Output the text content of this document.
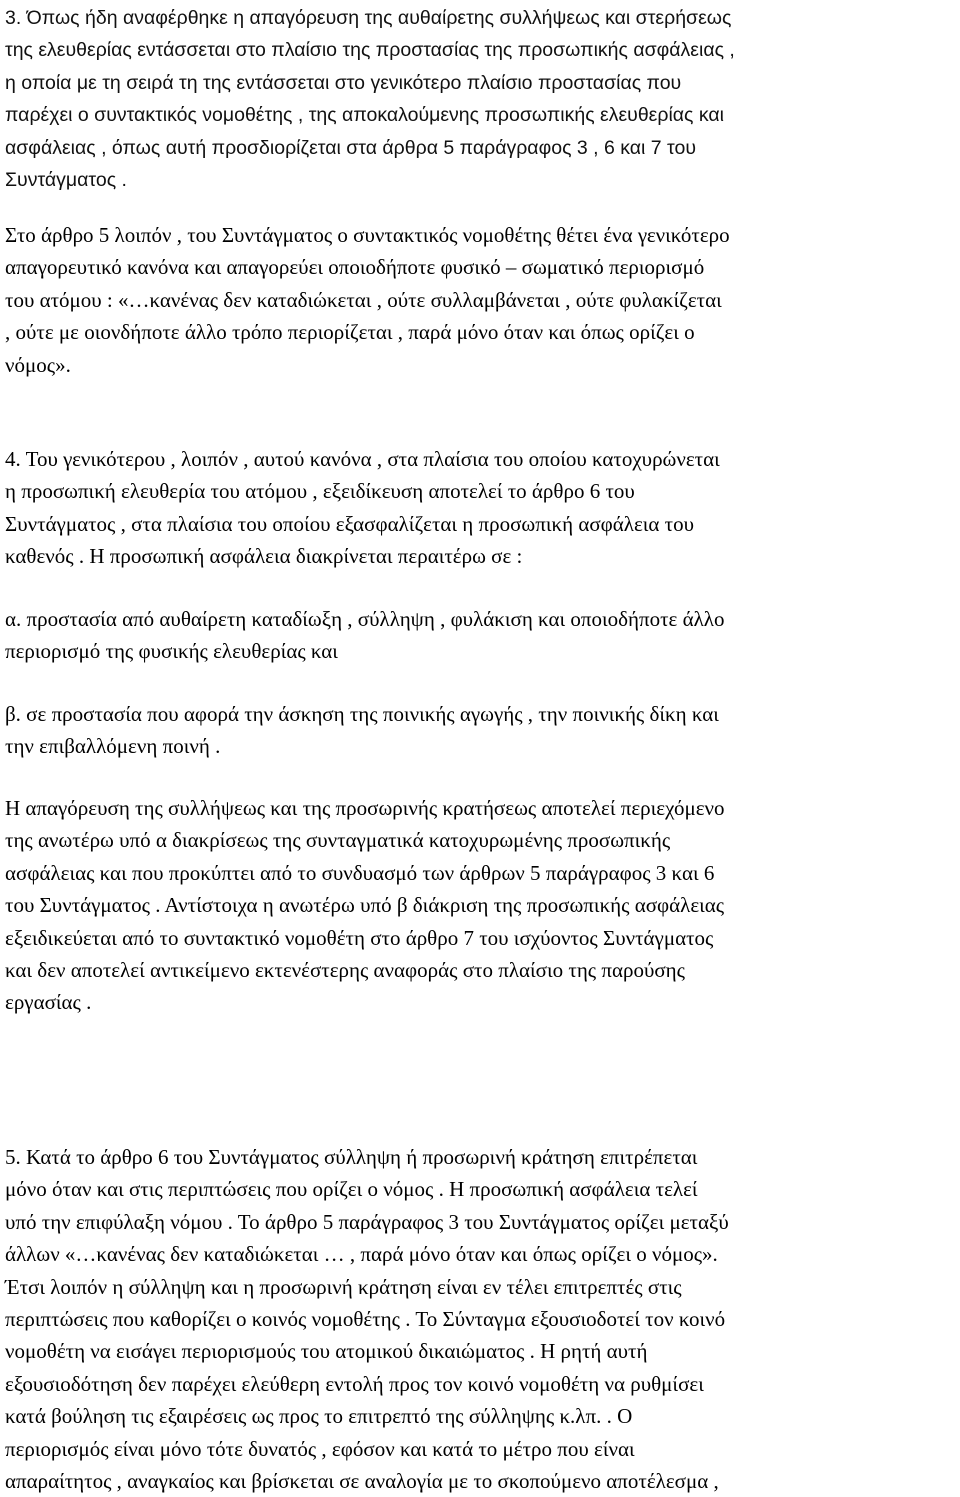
3. Όπως ήδη αναφέρθηκε η απαγόρευση της αυθαίρετης συλλήψεως και στερήσεως
της ελευθερίας εντάσσεται στο πλαίσιο της προστασίας της προσωπικής ασφάλειας ,
η οποία με τη σειρά τη της εντάσσεται στο γενικότερο πλαίσιο προστασίας που
παρέχει ο συντακτικός νομοθέτης , της αποκαλούμενης προσωπικής ελευθερίας και
ασφάλειας , όπως αυτή προσδιορίζεται στα άρθρα 5 παράγραφος 3 , 6 και 7 του
Συντάγματος .

Στο άρθρο 5 λοιπόν , του Συντάγματος ο συντακτικός νομοθέτης θέτει ένα γενικότερο
απαγορευτικό κανόνα και απαγορεύει οποιοδήποτε φυσικό – σωματικό περιορισμό
του ατόμου : «…κανένας δεν καταδιώκεται , ούτε συλλαμβάνεται , ούτε φυλακίζεται
, ούτε με οιονδήποτε άλλο τρόπο περιορίζεται , παρά μόνο όταν και όπως ορίζει ο
νόμος».

4. Του γενικότερου , λοιπόν , αυτού κανόνα , στα πλαίσια του οποίου κατοχυρώνεται
η προσωπική ελευθερία του ατόμου , εξειδίκευση αποτελεί το άρθρο 6 του
Συντάγματος , στα πλαίσια του οποίου εξασφαλίζεται η προσωπική ασφάλεια του
καθενός . Η προσωπική ασφάλεια διακρίνεται περαιτέρω σε :

α. προστασία από αυθαίρετη καταδίωξη , σύλληψη , φυλάκιση και οποιοδήποτε άλλο
περιορισμό της φυσικής ελευθερίας και

β. σε προστασία που αφορά την άσκηση της ποινικής αγωγής , την ποινικής δίκη και
την επιβαλλόμενη ποινή .

Η απαγόρευση της συλλήψεως και της προσωρινής κρατήσεως αποτελεί περιεχόμενο
της ανωτέρω υπό α διακρίσεως της συνταγματικά κατοχυρωμένης προσωπικής
ασφάλειας και που προκύπτει από το συνδυασμό των άρθρων 5 παράγραφος 3 και 6
του Συντάγματος . Αντίστοιχα η ανωτέρω υπό β διάκριση της προσωπικής ασφάλειας
εξειδικεύεται από το συντακτικό νομοθέτη στο άρθρο 7 του ισχύοντος Συντάγματος
και δεν αποτελεί αντικείμενο εκτενέστερης αναφοράς στο πλαίσιο της παρούσης
εργασίας .

5. Κατά το άρθρο 6 του Συντάγματος σύλληψη ή προσωρινή κράτηση επιτρέπεται
μόνο όταν και στις περιπτώσεις που ορίζει ο νόμος . Η προσωπική ασφάλεια τελεί
υπό την επιφύλαξη νόμου . Το άρθρο 5 παράγραφος 3 του Συντάγματος ορίζει μεταξύ
άλλων «…κανένας δεν καταδιώκεται … , παρά μόνο όταν και όπως ορίζει ο νόμος».
Έτσι λοιπόν η σύλληψη και η προσωρινή κράτηση είναι εν τέλει επιτρεπτές στις
περιπτώσεις που καθορίζει ο κοινός νομοθέτης . Το Σύνταγμα εξουσιοδοτεί τον κοινό
νομοθέτη να εισάγει περιορισμούς του ατομικού δικαιώματος . Η ρητή αυτή
εξουσιοδότηση δεν παρέχει ελεύθερη εντολή προς τον κοινό νομοθέτη να ρυθμίσει
κατά βούληση τις εξαιρέσεις ως προς το επιτρεπτό της σύλληψης κ.λπ. . Ο
περιορισμός είναι μόνο τότε δυνατός , εφόσον και κατά το μέτρο που είναι
απαραίτητος , αναγκαίος και βρίσκεται σε αναλογία με το σκοπούμενο αποτέλεσμα ,
